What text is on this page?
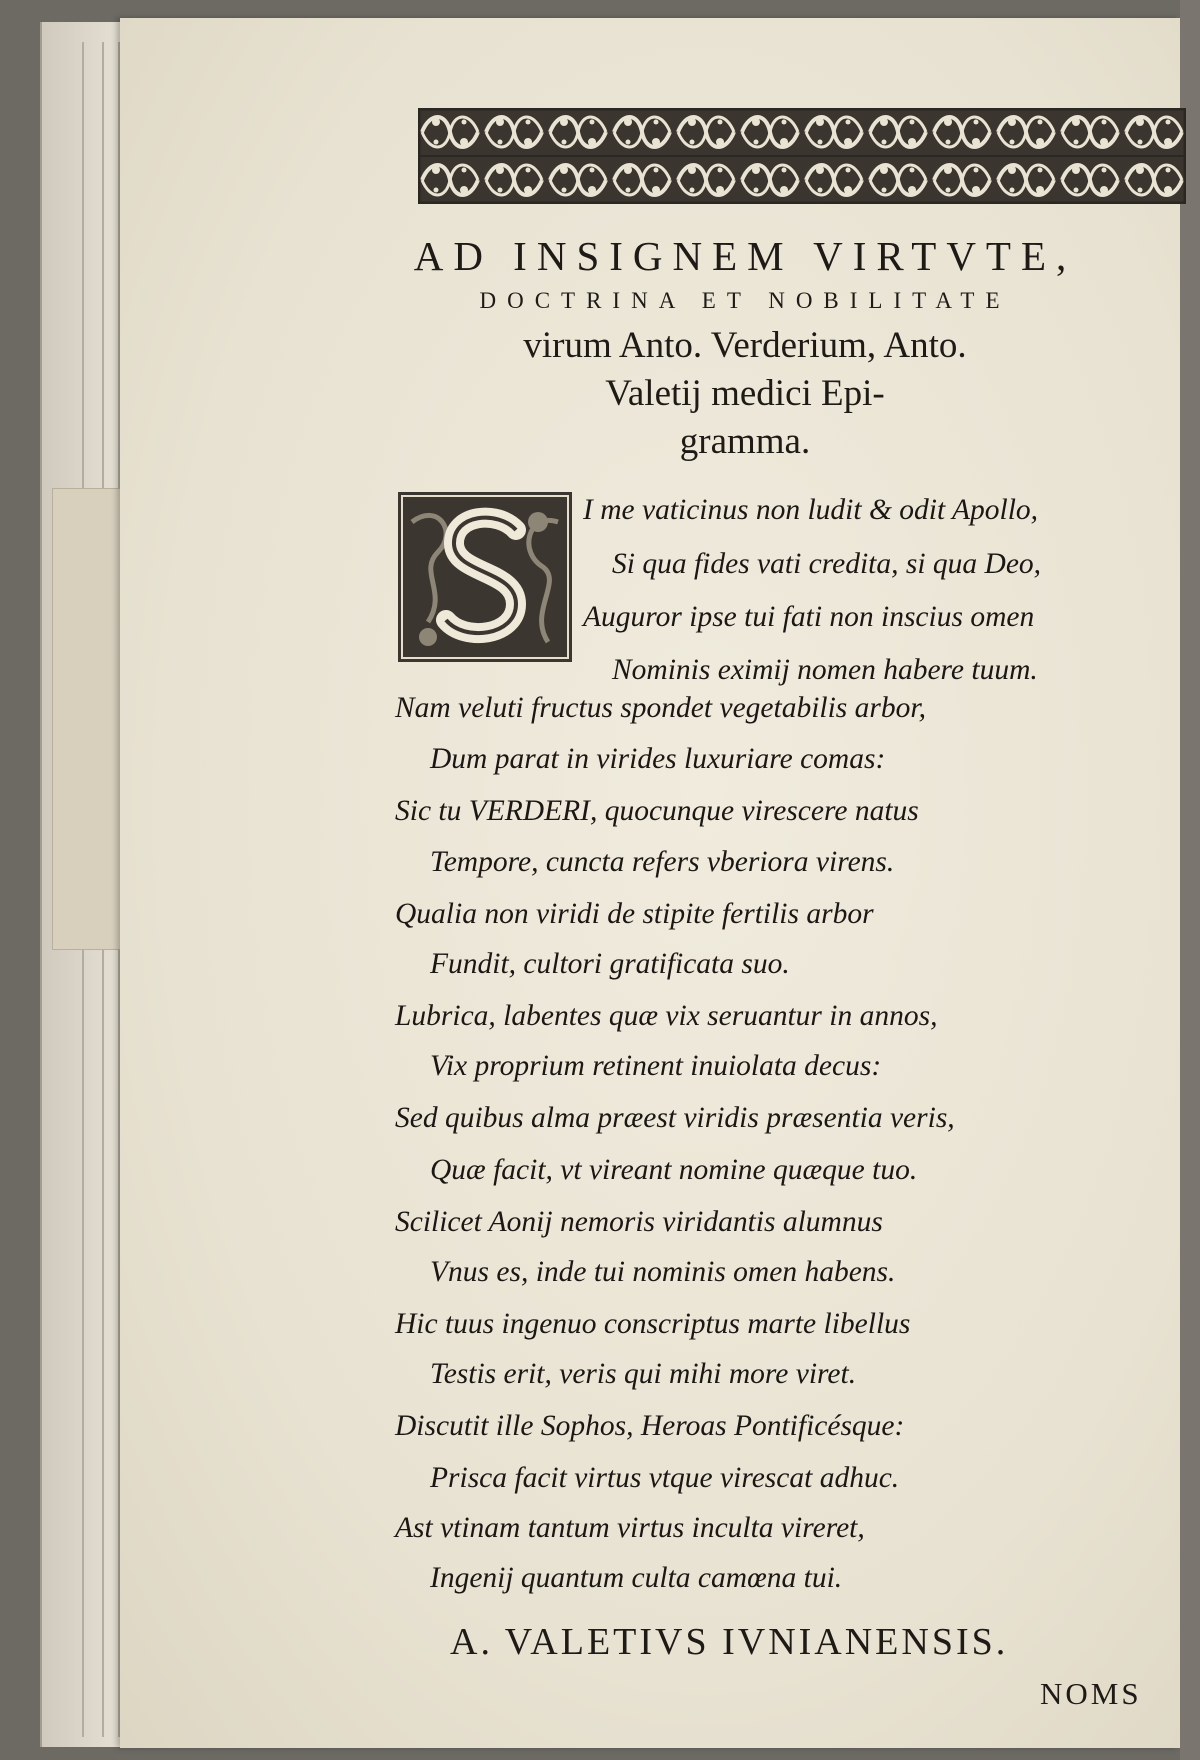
AD INSIGNEM VIRTVTE,
DOCTRINA ET NOBILITATE
virum Anto. Verderium, Anto.
Valetij medici Epi-
gramma.
I me vaticinus non ludit & odit Apollo,
Si qua fides vati credita, si qua Deo,
Auguror ipse tui fati non inscius omen
Nominis eximij nomen habere tuum.
Nam veluti fructus spondet vegetabilis arbor,
Dum parat in virides luxuriare comas:
Sic tu VERDERI, quocunque virescere natus
Tempore, cuncta refers vberiora virens.
Qualia non viridi de stipite fertilis arbor
Fundit, cultori gratificata suo.
Lubrica, labentes quæ vix seruantur in annos,
Vix proprium retinent inuiolata decus:
Sed quibus alma præest viridis præsentia veris,
Quæ facit, vt vireant nomine quæque tuo.
Scilicet Aonij nemoris viridantis alumnus
Vnus es, inde tui nominis omen habens.
Hic tuus ingenuo conscriptus marte libellus
Testis erit, veris qui mihi more viret.
Discutit ille Sophos, Heroas Pontificésque:
Prisca facit virtus vtque virescat adhuc.
Ast vtinam tantum virtus inculta vireret,
Ingenij quantum culta camœna tui.
A. VALETIVS IVNIANENSIS.
NOMS
